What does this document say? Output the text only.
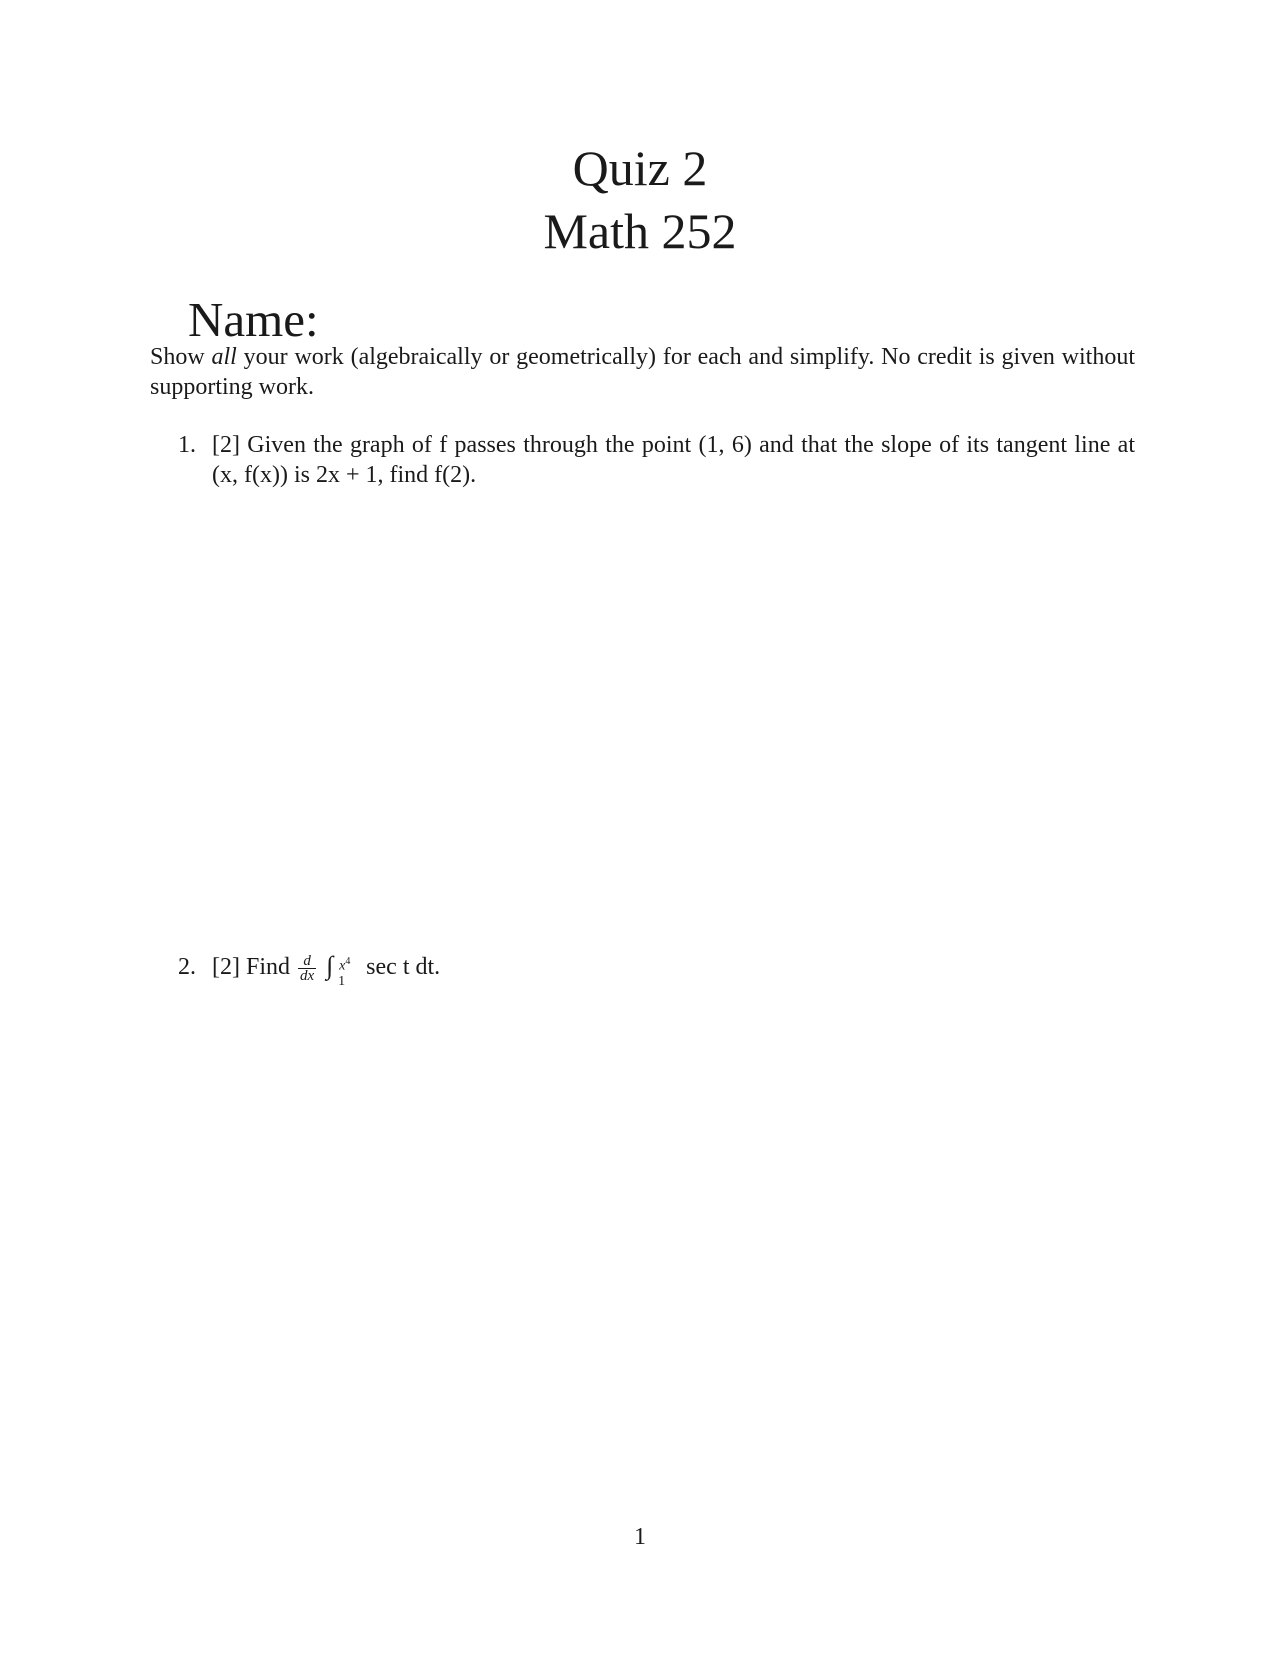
Quiz 2
Math 252
Name:
Show all your work (algebraically or geometrically) for each and simplify. No credit is given without supporting work.
1. [2] Given the graph of f passes through the point (1, 6) and that the slope of its tangent line at (x, f(x)) is 2x + 1, find f(2).
2. [2] Find $\frac{d}{dx}$
∫ $x^4$
1
sec t dt.
1
